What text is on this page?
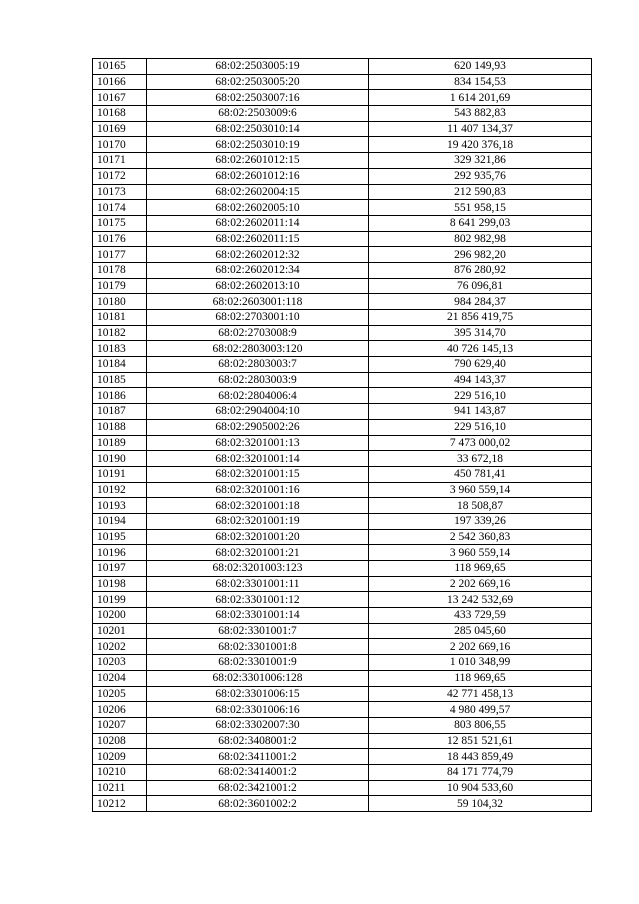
10165	68:02:2503005:19	620 149,93
10166	68:02:2503005:20	834 154,53
10167	68:02:2503007:16	1 614 201,69
10168	68:02:2503009:6	543 882,83
10169	68:02:2503010:14	11 407 134,37
10170	68:02:2503010:19	19 420 376,18
10171	68:02:2601012:15	329 321,86
10172	68:02:2601012:16	292 935,76
10173	68:02:2602004:15	212 590,83
10174	68:02:2602005:10	551 958,15
10175	68:02:2602011:14	8 641 299,03
10176	68:02:2602011:15	802 982,98
10177	68:02:2602012:32	296 982,20
10178	68:02:2602012:34	876 280,92
10179	68:02:2602013:10	76 096,81
10180	68:02:2603001:118	984 284,37
10181	68:02:2703001:10	21 856 419,75
10182	68:02:2703008:9	395 314,70
10183	68:02:2803003:120	40 726 145,13
10184	68:02:2803003:7	790 629,40
10185	68:02:2803003:9	494 143,37
10186	68:02:2804006:4	229 516,10
10187	68:02:2904004:10	941 143,87
10188	68:02:2905002:26	229 516,10
10189	68:02:3201001:13	7 473 000,02
10190	68:02:3201001:14	33 672,18
10191	68:02:3201001:15	450 781,41
10192	68:02:3201001:16	3 960 559,14
10193	68:02:3201001:18	18 508,87
10194	68:02:3201001:19	197 339,26
10195	68:02:3201001:20	2 542 360,83
10196	68:02:3201001:21	3 960 559,14
10197	68:02:3201003:123	118 969,65
10198	68:02:3301001:11	2 202 669,16
10199	68:02:3301001:12	13 242 532,69
10200	68:02:3301001:14	433 729,59
10201	68:02:3301001:7	285 045,60
10202	68:02:3301001:8	2 202 669,16
10203	68:02:3301001:9	1 010 348,99
10204	68:02:3301006:128	118 969,65
10205	68:02:3301006:15	42 771 458,13
10206	68:02:3301006:16	4 980 499,57
10207	68:02:3302007:30	803 806,55
10208	68:02:3408001:2	12 851 521,61
10209	68:02:3411001:2	18 443 859,49
10210	68:02:3414001:2	84 171 774,79
10211	68:02:3421001:2	10 904 533,60
10212	68:02:3601002:2	59 104,32
